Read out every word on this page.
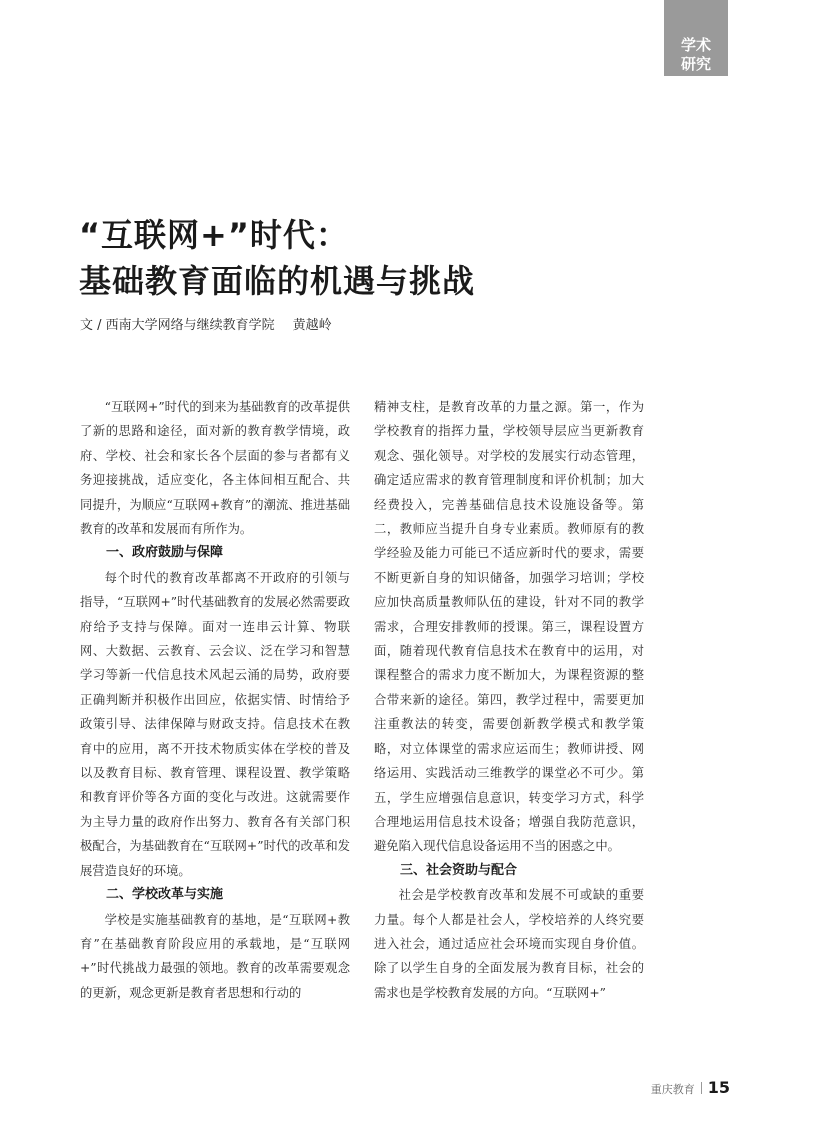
学术
研究
“互联网+”时代：
基础教育面临的机遇与挑战
文 / 西南大学网络与继续教育学院 黄越岭

“互联网+”时代的到来为基础教育的改革提供了新的思路和途径，面对新的教育教学情境，政府、学校、社会和家长各个层面的参与者都有义务迎接挑战，适应变化，各主体间相互配合、共同提升，为顺应“互联网+教育”的潮流、推进基础教育的改革和发展而有所作为。

一、政府鼓励与保障

每个时代的教育改革都离不开政府的引领与指导，“互联网+”时代基础教育的发展必然需要政府给予支持与保障。面对一连串云计算、物联网、大数据、云教育、云会议、泛在学习和智慧学习等新一代信息技术风起云涌的局势，政府要正确判断并积极作出回应，依据实情、时情给予政策引导、法律保障与财政支持。信息技术在教育中的应用，离不开技术物质实体在学校的普及以及教育目标、教育管理、课程设置、教学策略和教育评价等各方面的变化与改进。这就需要作为主导力量的政府作出努力、教育各有关部门积极配合，为基础教育在“互联网+”时代的改革和发展营造良好的环境。

二、学校改革与实施

学校是实施基础教育的基地，是“互联网+教育”在基础教育阶段应用的承载地，是“互联网+”时代挑战力最强的领地。教育的改革需要观念的更新，观念更新是教育者思想和行动的

精神支柱，是教育改革的力量之源。第一，作为学校教育的指挥力量，学校领导层应当更新教育观念、强化领导。对学校的发展实行动态管理，确定适应需求的教育管理制度和评价机制；加大经费投入，完善基础信息技术设施设备等。第二，教师应当提升自身专业素质。教师原有的教学经验及能力可能已不适应新时代的要求，需要不断更新自身的知识储备，加强学习培训；学校应加快高质量教师队伍的建设，针对不同的教学需求，合理安排教师的授课。第三，课程设置方面，随着现代教育信息技术在教育中的运用，对课程整合的需求力度不断加大，为课程资源的整合带来新的途径。第四，教学过程中，需要更加注重教法的转变，需要创新教学模式和教学策略，对立体课堂的需求应运而生；教师讲授、网络运用、实践活动三维教学的课堂必不可少。第五，学生应增强信息意识，转变学习方式，科学合理地运用信息技术设备；增强自我防范意识，避免陷入现代信息设备运用不当的困惑之中。

三、社会资助与配合

社会是学校教育改革和发展不可或缺的重要力量。每个人都是社会人，学校培养的人终究要进入社会，通过适应社会环境而实现自身价值。除了以学生自身的全面发展为教育目标，社会的需求也是学校教育发展的方向。“互联网+”

重庆教育 15
